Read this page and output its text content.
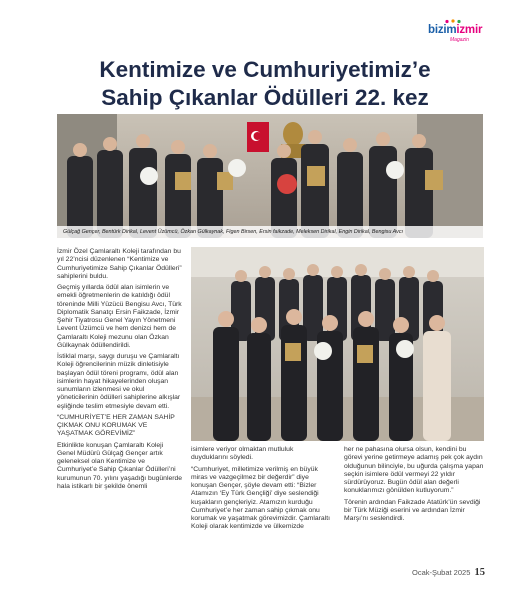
bizimizmir
Magazin
Kentimize ve Cumhuriyetimiz’e
Sahip Çıkanlar Ödülleri 22. kez
Gülçağ Gençer, Bentürk Dirikal, Levent Üzümcü, Özkan Gülkaynak, Figen Birsen, Ersin faikzade, Meleksen Dirikal, Engin Dirikal, Bengisu Avcı

İzmir Özel Çamlaraltı Koleji tarafından bu yıl 22’ncisi düzenlenen “Kentimize ve Cumhuriyetimize Sahip Çıkanlar Ödülleri” sahiplerini buldu.

Geçmiş yıllarda ödül alan isimlerin ve emekli öğretmenlerin de katıldığı ödül töreninde Milli Yüzücü Bengisu Avcı, Türk Diplomatik Sanatçı Ersin Faikzade, İzmir Şehir Tiyatrosu Genel Yayın Yönetmeni Levent Üzümcü ve hem denizci hem de Çamlaraltı Koleji mezunu olan Özkan Gülkaynak ödüllendirildi.

İstiklal marşı, saygı duruşu ve Çamlaraltı Koleji öğrencilerinin müzik dinletisiyle başlayan ödül töreni programı, ödül alan isimlerin hayat hikayelerinden oluşan sunumların izlenmesi ve okul yöneticilerinin ödülleri sahiplerine alkışlar eşliğinde teslim etmesiyle devam etti.

“CUMHURİYET’E HER ZAMAN SAHİP ÇIKMAK ONU KORUMAK VE YAŞATMAK GÖREVİMİZ”

Etkinlikte konuşan Çamlaraltı Koleji Genel Müdürü Gülçağ Gençer artık geleneksel olan Kentimize ve Cumhuriyet’e Sahip Çıkanlar Ödülleri’ni kurumunun 70. yılını yaşadığı bugünlerde hala istikarlı bir şekilde önemli

isimlere veriyor olmaktan mutluluk duyduklarını söyledi.

“Cumhuriyet, milletimize verilmiş en büyük miras ve vazgeçilmez bir değerdir” diye konuşan Gençer, şöyle devam etti: “Bizler Atamızın ‘Ey Türk Gençliği’ diye seslendiği kuşakların gençleriyiz. Atamızın kurduğu Cumhuriyet’e her zaman sahip çıkmak onu korumak ve yaşatmak görevimizdir. Çamlaraltı Koleji olarak kentimizde ve ülkemizde

her ne pahasına olursa olsun, kendini bu görevi yerine getirmeye adamış pek çok aydın olduğunun bilinciyle, bu uğurda çalışma yapan seçkin isimlere ödül vermeyi 22 yıldır sürdürüyoruz. Bugün ödül alan değerli konuklarımızı gönülden kutluyorum.”

Törenin ardından Faikzade Atatürk’ün sevdiği bir Türk Müziği eserini ve ardından İzmir Marşı’nı seslendirdi.

Ocak-Şubat 2025 15
